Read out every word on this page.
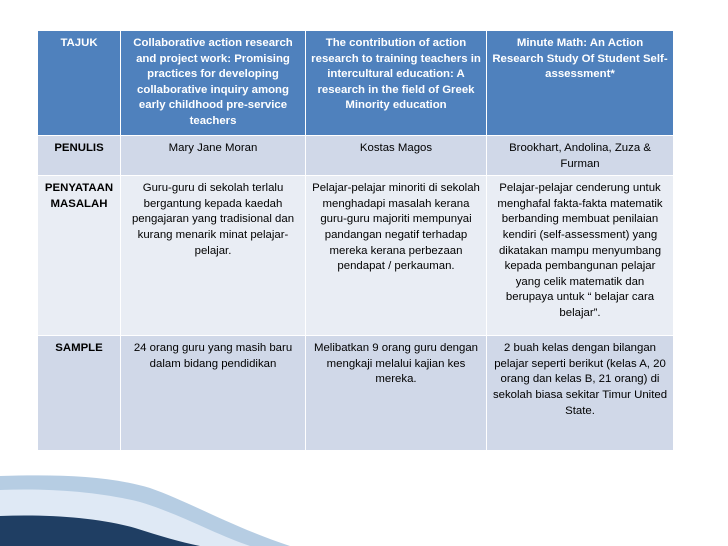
TAJUK	Collaborative action research and project work: Promising practices for developing collaborative inquiry among early childhood pre-service teachers	The contribution of action research to training teachers in intercultural education: A research in the field of Greek Minority education	Minute Math: An Action Research Study Of Student Self-assessment*
PENULIS	Mary Jane Moran	Kostas Magos	Brookhart, Andolina, Zuza & Furman
PENYATAAN MASALAH	Guru-guru di sekolah terlalu bergantung kepada kaedah pengajaran yang tradisional dan kurang menarik minat pelajar-pelajar.	Pelajar-pelajar minoriti di sekolah menghadapi masalah kerana guru-guru majoriti mempunyai pandangan negatif terhadap mereka kerana perbezaan pendapat / perkauman.	Pelajar-pelajar cenderung untuk menghafal fakta-fakta matematik berbanding membuat penilaian kendiri (self-assessment) yang dikatakan mampu menyumbang kepada pembangunan pelajar yang celik matematik dan berupaya untuk “ belajar cara belajar”.
SAMPLE	24 orang guru yang masih baru dalam bidang pendidikan	Melibatkan 9 orang guru dengan mengkaji melalui kajian kes mereka.	2 buah kelas dengan bilangan pelajar seperti berikut (kelas A, 20 orang dan kelas B, 21 orang) di sekolah biasa sekitar Timur United State.
